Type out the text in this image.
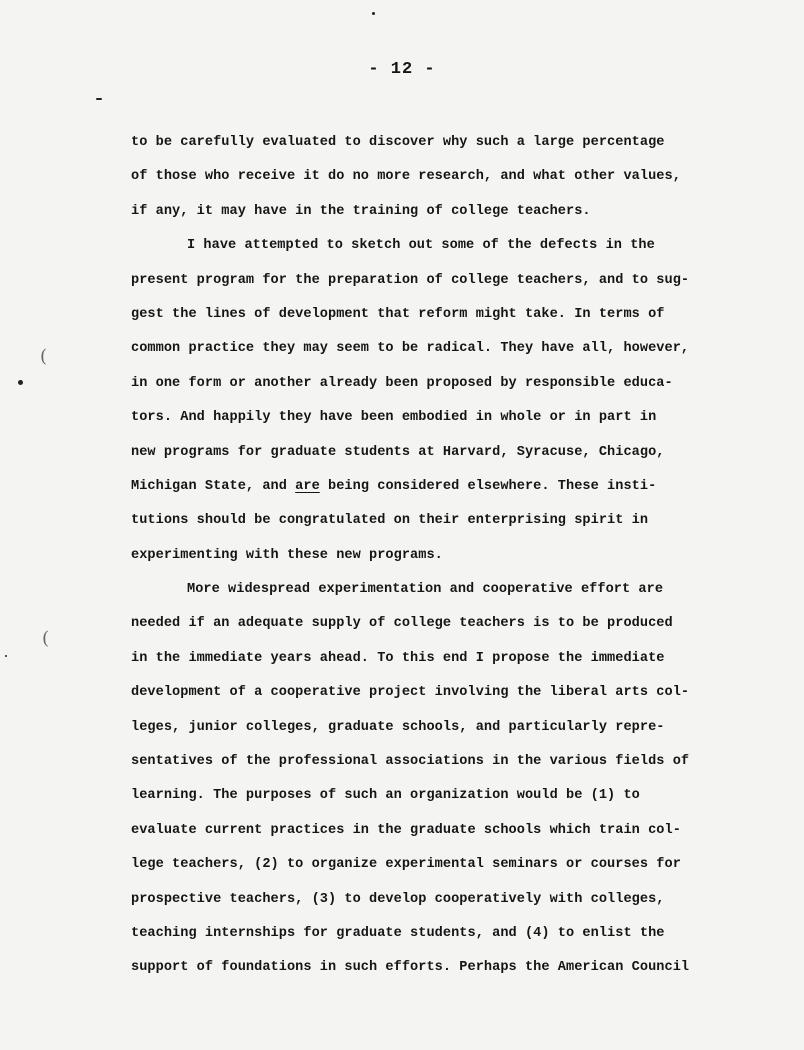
(
(

- 12 -

to be carefully evaluated to discover why such a large percentage
of those who receive it do no more research, and what other values,
if any, it may have in the training of college teachers.
I have attempted to sketch out some of the defects in the
present program for the preparation of college teachers, and to sug-
gest the lines of development that reform might take. In terms of
common practice they may seem to be radical. They have all, however,
in one form or another already been proposed by responsible educa-
tors. And happily they have been embodied in whole or in part in
new programs for graduate students at Harvard, Syracuse, Chicago,
Michigan State, and are being considered elsewhere. These insti-
tutions should be congratulated on their enterprising spirit in
experimenting with these new programs.
More widespread experimentation and cooperative effort are
needed if an adequate supply of college teachers is to be produced
in the immediate years ahead. To this end I propose the immediate
development of a cooperative project involving the liberal arts col-
leges, junior colleges, graduate schools, and particularly repre-
sentatives of the professional associations in the various fields of
learning. The purposes of such an organization would be (1) to
evaluate current practices in the graduate schools which train col-
lege teachers, (2) to organize experimental seminars or courses for
prospective teachers, (3) to develop cooperatively with colleges,
teaching internships for graduate students, and (4) to enlist the
support of foundations in such efforts. Perhaps the American Council
